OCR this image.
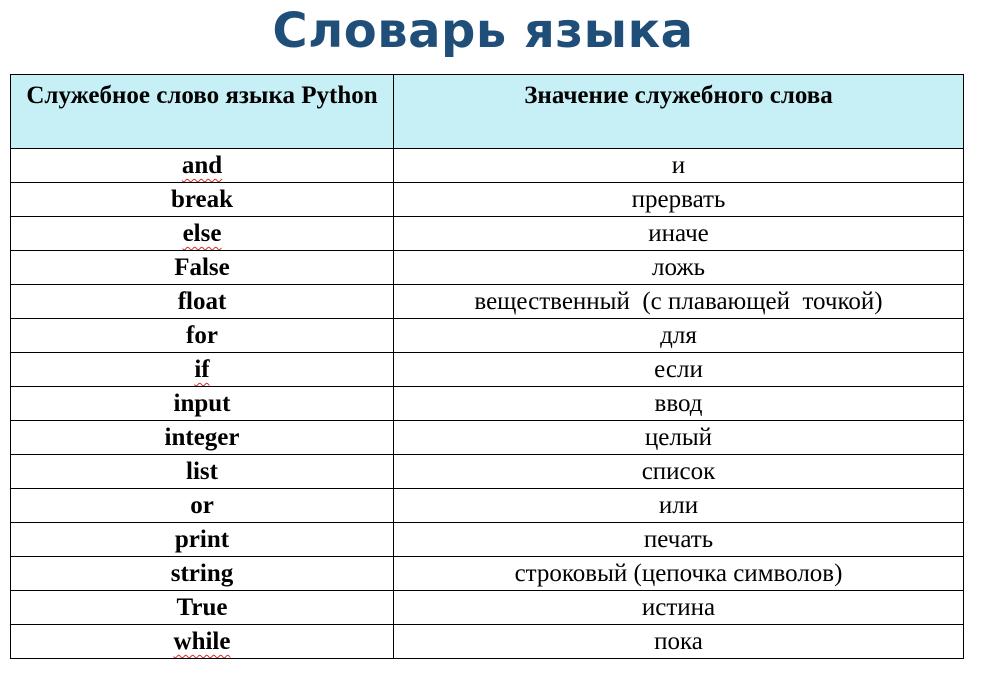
Словарь языка
Служебное слово языка Python	Значение служебного слова
and	и
break	прервать
else	иначе
False	ложь
float	вещественный  (с плавающей  точкой)
for	для
if	если
input	ввод
integer	целый
list	список
or	или
print	печать
string	строковый (цепочка символов)
True	истина
while	пока
